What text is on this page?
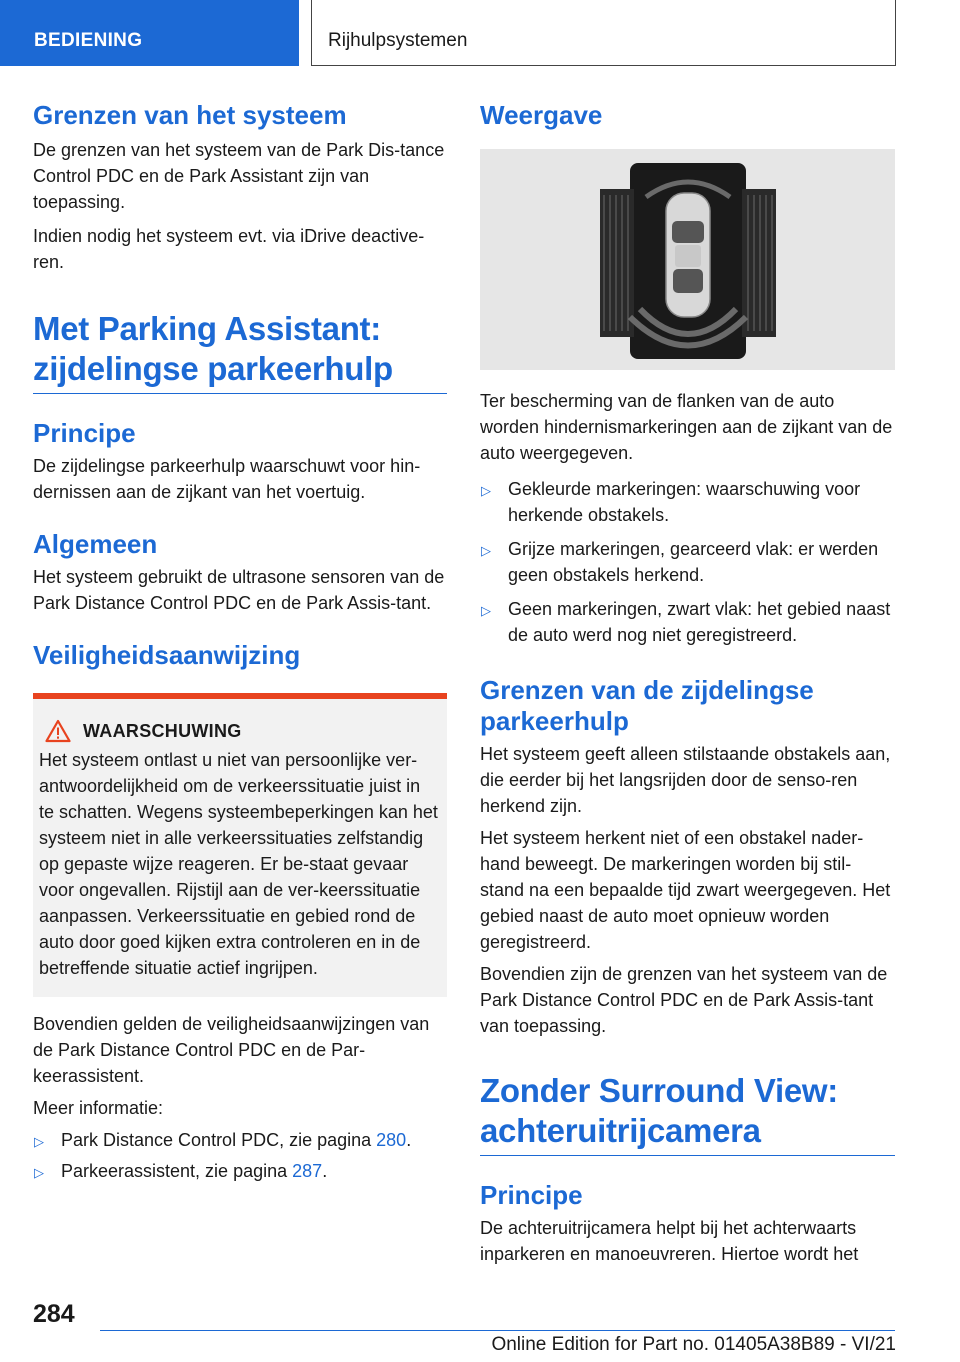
BEDIENING	Rijhulpsystemen
Grenzen van het systeem

De grenzen van het systeem van de Park Dis-tance Control PDC en de Park Assistant zijn van toepassing.

Indien nodig het systeem evt. via iDrive deactive-ren.

Met Parking Assistant: zijdelingse parkeerhulp
Principe

De zijdelingse parkeerhulp waarschuwt voor hin-dernissen aan de zijkant van het voertuig.

Algemeen

Het systeem gebruikt de ultrasone sensoren van de Park Distance Control PDC en de Park Assis-tant.

Veiligheidsaanwijzing
WAARSCHUWING

Het systeem ontlast u niet van persoonlijke ver-antwoordelijkheid om de verkeerssituatie juist in te schatten. Wegens systeembeperkingen kan het systeem niet in alle verkeerssituaties zelfstandig op gepaste wijze reageren. Er be-staat gevaar voor ongevallen. Rijstijl aan de ver-keerssituatie aanpassen. Verkeerssituatie en gebied rond de auto door goed kijken extra controleren en in de betreffende situatie actief ingrijpen.

Bovendien gelden de veiligheidsaanwijzingen van de Park Distance Control PDC en de Par-keerassistent.

Meer informatie:

▷ Park Distance Control PDC, zie pagina 280.
▷ Parkeerassistent, zie pagina 287.
Weergave

Ter bescherming van de flanken van de auto worden hindernismarkeringen aan de zijkant van de auto weergegeven.

▷ Gekleurde markeringen: waarschuwing voor herkende obstakels.
▷ Grijze markeringen, gearceerd vlak: er werden geen obstakels herkend.
▷ Geen markeringen, zwart vlak: het gebied naast de auto werd nog niet geregistreerd.
Grenzen van de zijdelingse parkeerhulp

Het systeem geeft alleen stilstaande obstakels aan, die eerder bij het langsrijden door de senso-ren herkend zijn.

Het systeem herkent niet of een obstakel nader-hand beweegt. De markeringen worden bij stil-stand na een bepaalde tijd zwart weergegeven. Het gebied naast de auto moet opnieuw worden geregistreerd.

Bovendien zijn de grenzen van het systeem van de Park Distance Control PDC en de Park Assis-tant van toepassing.

Zonder Surround View: achteruitrijcamera
Principe

De achteruitrijcamera helpt bij het achterwaarts inparkeren en manoeuvreren. Hiertoe wordt het

284
Online Edition for Part no. 01405A38B89 - VI/21
